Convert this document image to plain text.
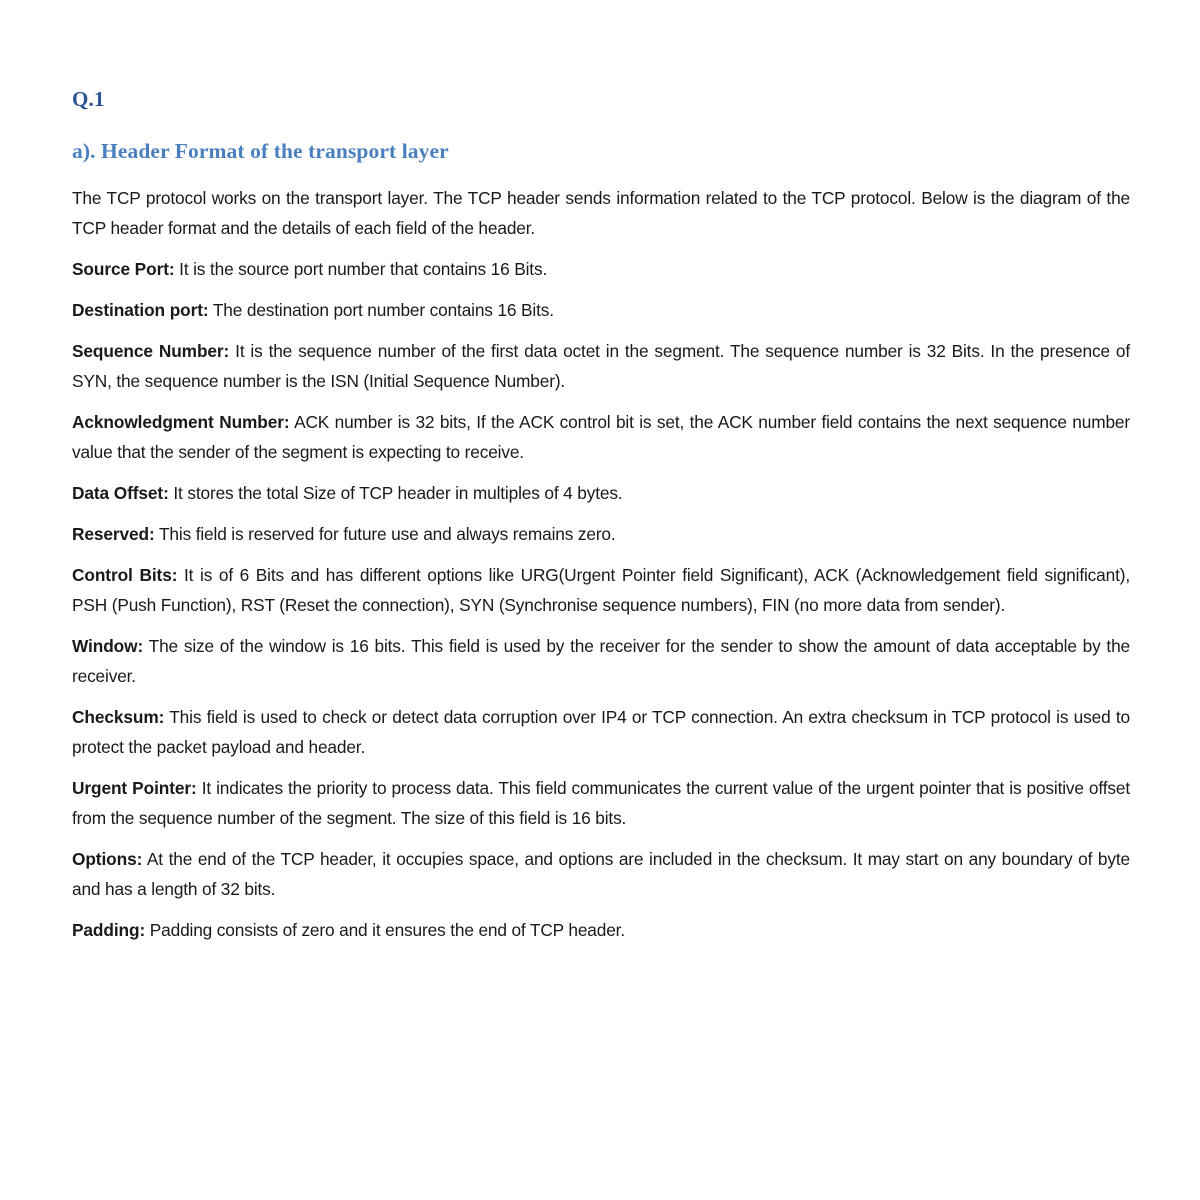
Q.1
a). Header Format of the transport layer

The TCP protocol works on the transport layer. The TCP header sends information related to the TCP protocol. Below is the diagram of the TCP header format and the details of each field of the header.

Source Port: It is the source port number that contains 16 Bits.

Destination port: The destination port number contains 16 Bits.

Sequence Number: It is the sequence number of the first data octet in the segment. The sequence number is 32 Bits. In the presence of SYN, the sequence number is the ISN (Initial Sequence Number).

Acknowledgment Number: ACK number is 32 bits, If the ACK control bit is set, the ACK number field contains the next sequence number value that the sender of the segment is expecting to receive.

Data Offset: It stores the total Size of TCP header in multiples of 4 bytes.

Reserved: This field is reserved for future use and always remains zero.

Control Bits: It is of 6 Bits and has different options like URG(Urgent Pointer field Significant), ACK (Acknowledgement field significant), PSH (Push Function), RST (Reset the connection), SYN (Synchronise sequence numbers), FIN (no more data from sender).

Window: The size of the window is 16 bits. This field is used by the receiver for the sender to show the amount of data acceptable by the receiver.

Checksum: This field is used to check or detect data corruption over IP4 or TCP connection. An extra checksum in TCP protocol is used to protect the packet payload and header.

Urgent Pointer: It indicates the priority to process data. This field communicates the current value of the urgent pointer that is positive offset from the sequence number of the segment. The size of this field is 16 bits.

Options: At the end of the TCP header, it occupies space, and options are included in the checksum. It may start on any boundary of byte and has a length of 32 bits.

Padding: Padding consists of zero and it ensures the end of TCP header.
